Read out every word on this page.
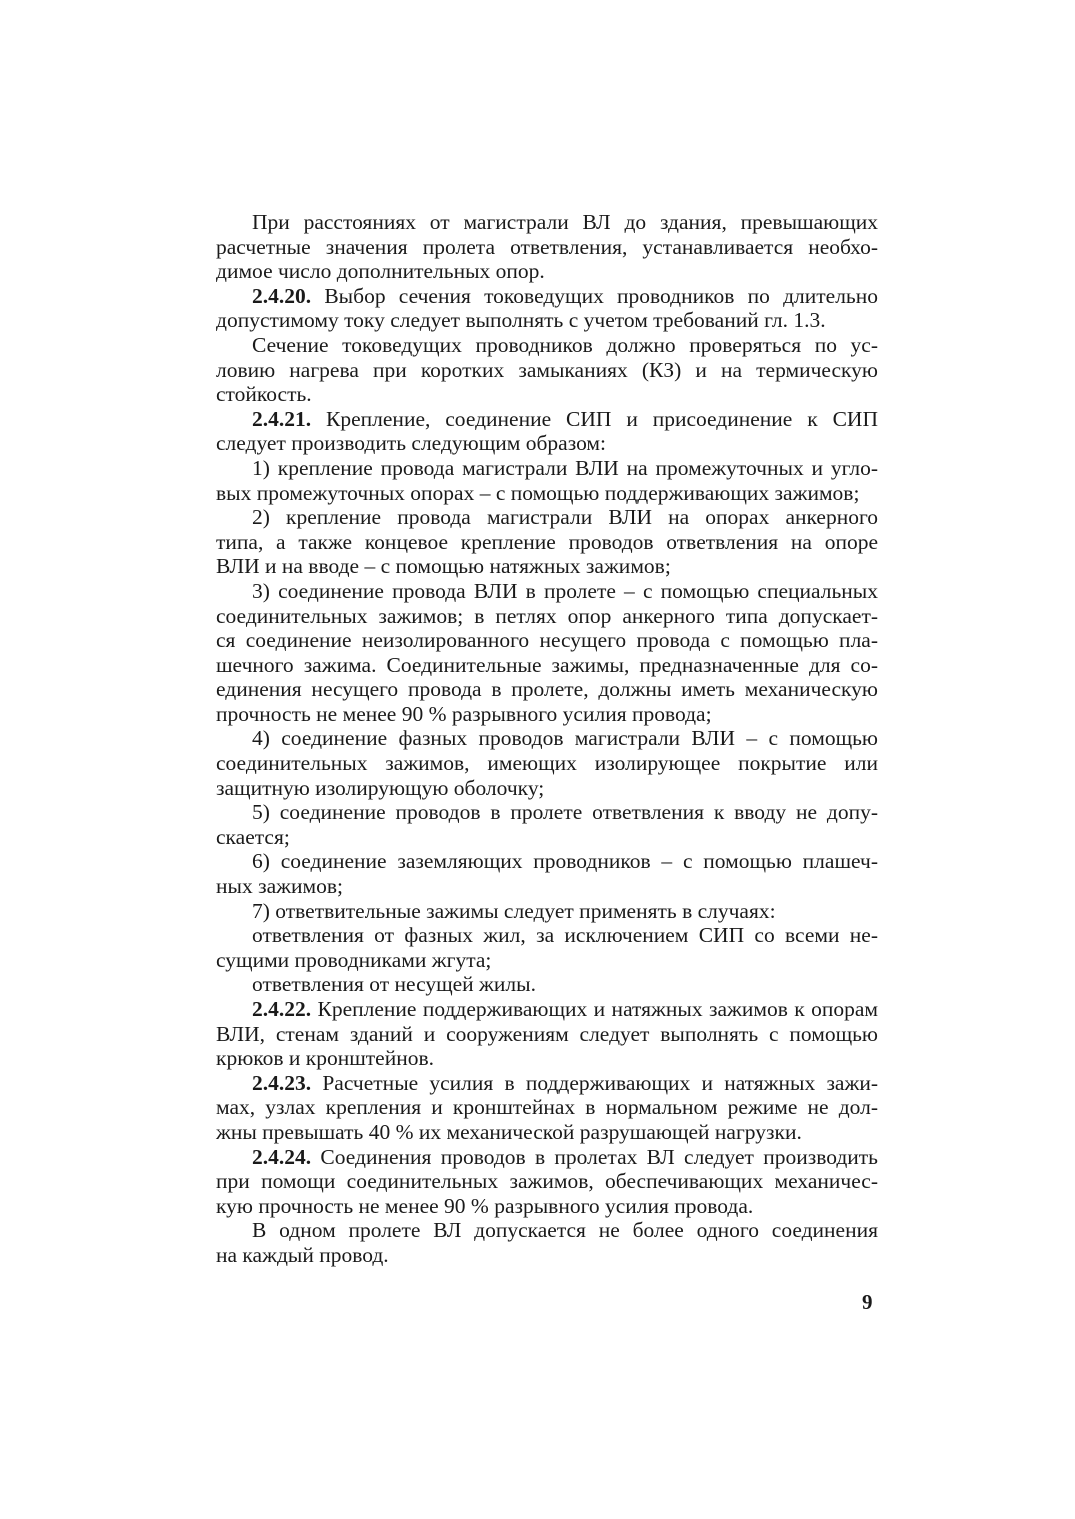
При расстояниях от магистрали ВЛ до здания, превышающих
расчетные значения пролета ответвления, устанавливается необхо-
димое число дополнительных опор.
2.4.20. Выбор сечения токоведущих проводников по длительно
допустимому току следует выполнять с учетом требований гл. 1.3.
Сечение токоведущих проводников должно проверяться по ус-
ловию нагрева при коротких замыканиях (КЗ) и на термическую
стойкость.
2.4.21. Крепление, соединение СИП и присоединение к СИП
следует производить следующим образом:
1) крепление провода магистрали ВЛИ на промежуточных и угло-
вых промежуточных опорах – с помощью поддерживающих зажимов;
2) крепление провода магистрали ВЛИ на опорах анкерного
типа, а также концевое крепление проводов ответвления на опоре
ВЛИ и на вводе – с помощью натяжных зажимов;
3) соединение провода ВЛИ в пролете – с помощью специальных
соединительных зажимов; в петлях опор анкерного типа допускает-
ся соединение неизолированного несущего провода с помощью пла-
шечного зажима. Соединительные зажимы, предназначенные для со-
единения несущего провода в пролете, должны иметь механическую
прочность не менее 90 % разрывного усилия провода;
4) соединение фазных проводов магистрали ВЛИ – с помощью
соединительных зажимов, имеющих изолирующее покрытие или
защитную изолирующую оболочку;
5) соединение проводов в пролете ответвления к вводу не допу-
скается;
6) соединение заземляющих проводников – с помощью плашеч-
ных зажимов;
7) ответвительные зажимы следует применять в случаях:
ответвления от фазных жил, за исключением СИП со всеми не-
сущими проводниками жгута;
ответвления от несущей жилы.
2.4.22. Крепление поддерживающих и натяжных зажимов к опорам
ВЛИ, стенам зданий и сооружениям следует выполнять с помощью
крюков и кронштейнов.
2.4.23. Расчетные усилия в поддерживающих и натяжных зажи-
мах, узлах крепления и кронштейнах в нормальном режиме не дол-
жны превышать 40 % их механической разрушающей нагрузки.
2.4.24. Соединения проводов в пролетах ВЛ следует производить
при помощи соединительных зажимов, обеспечивающих механичес-
кую прочность не менее 90 % разрывного усилия провода.
В одном пролете ВЛ допускается не более одного соединения
на каждый провод.
9
